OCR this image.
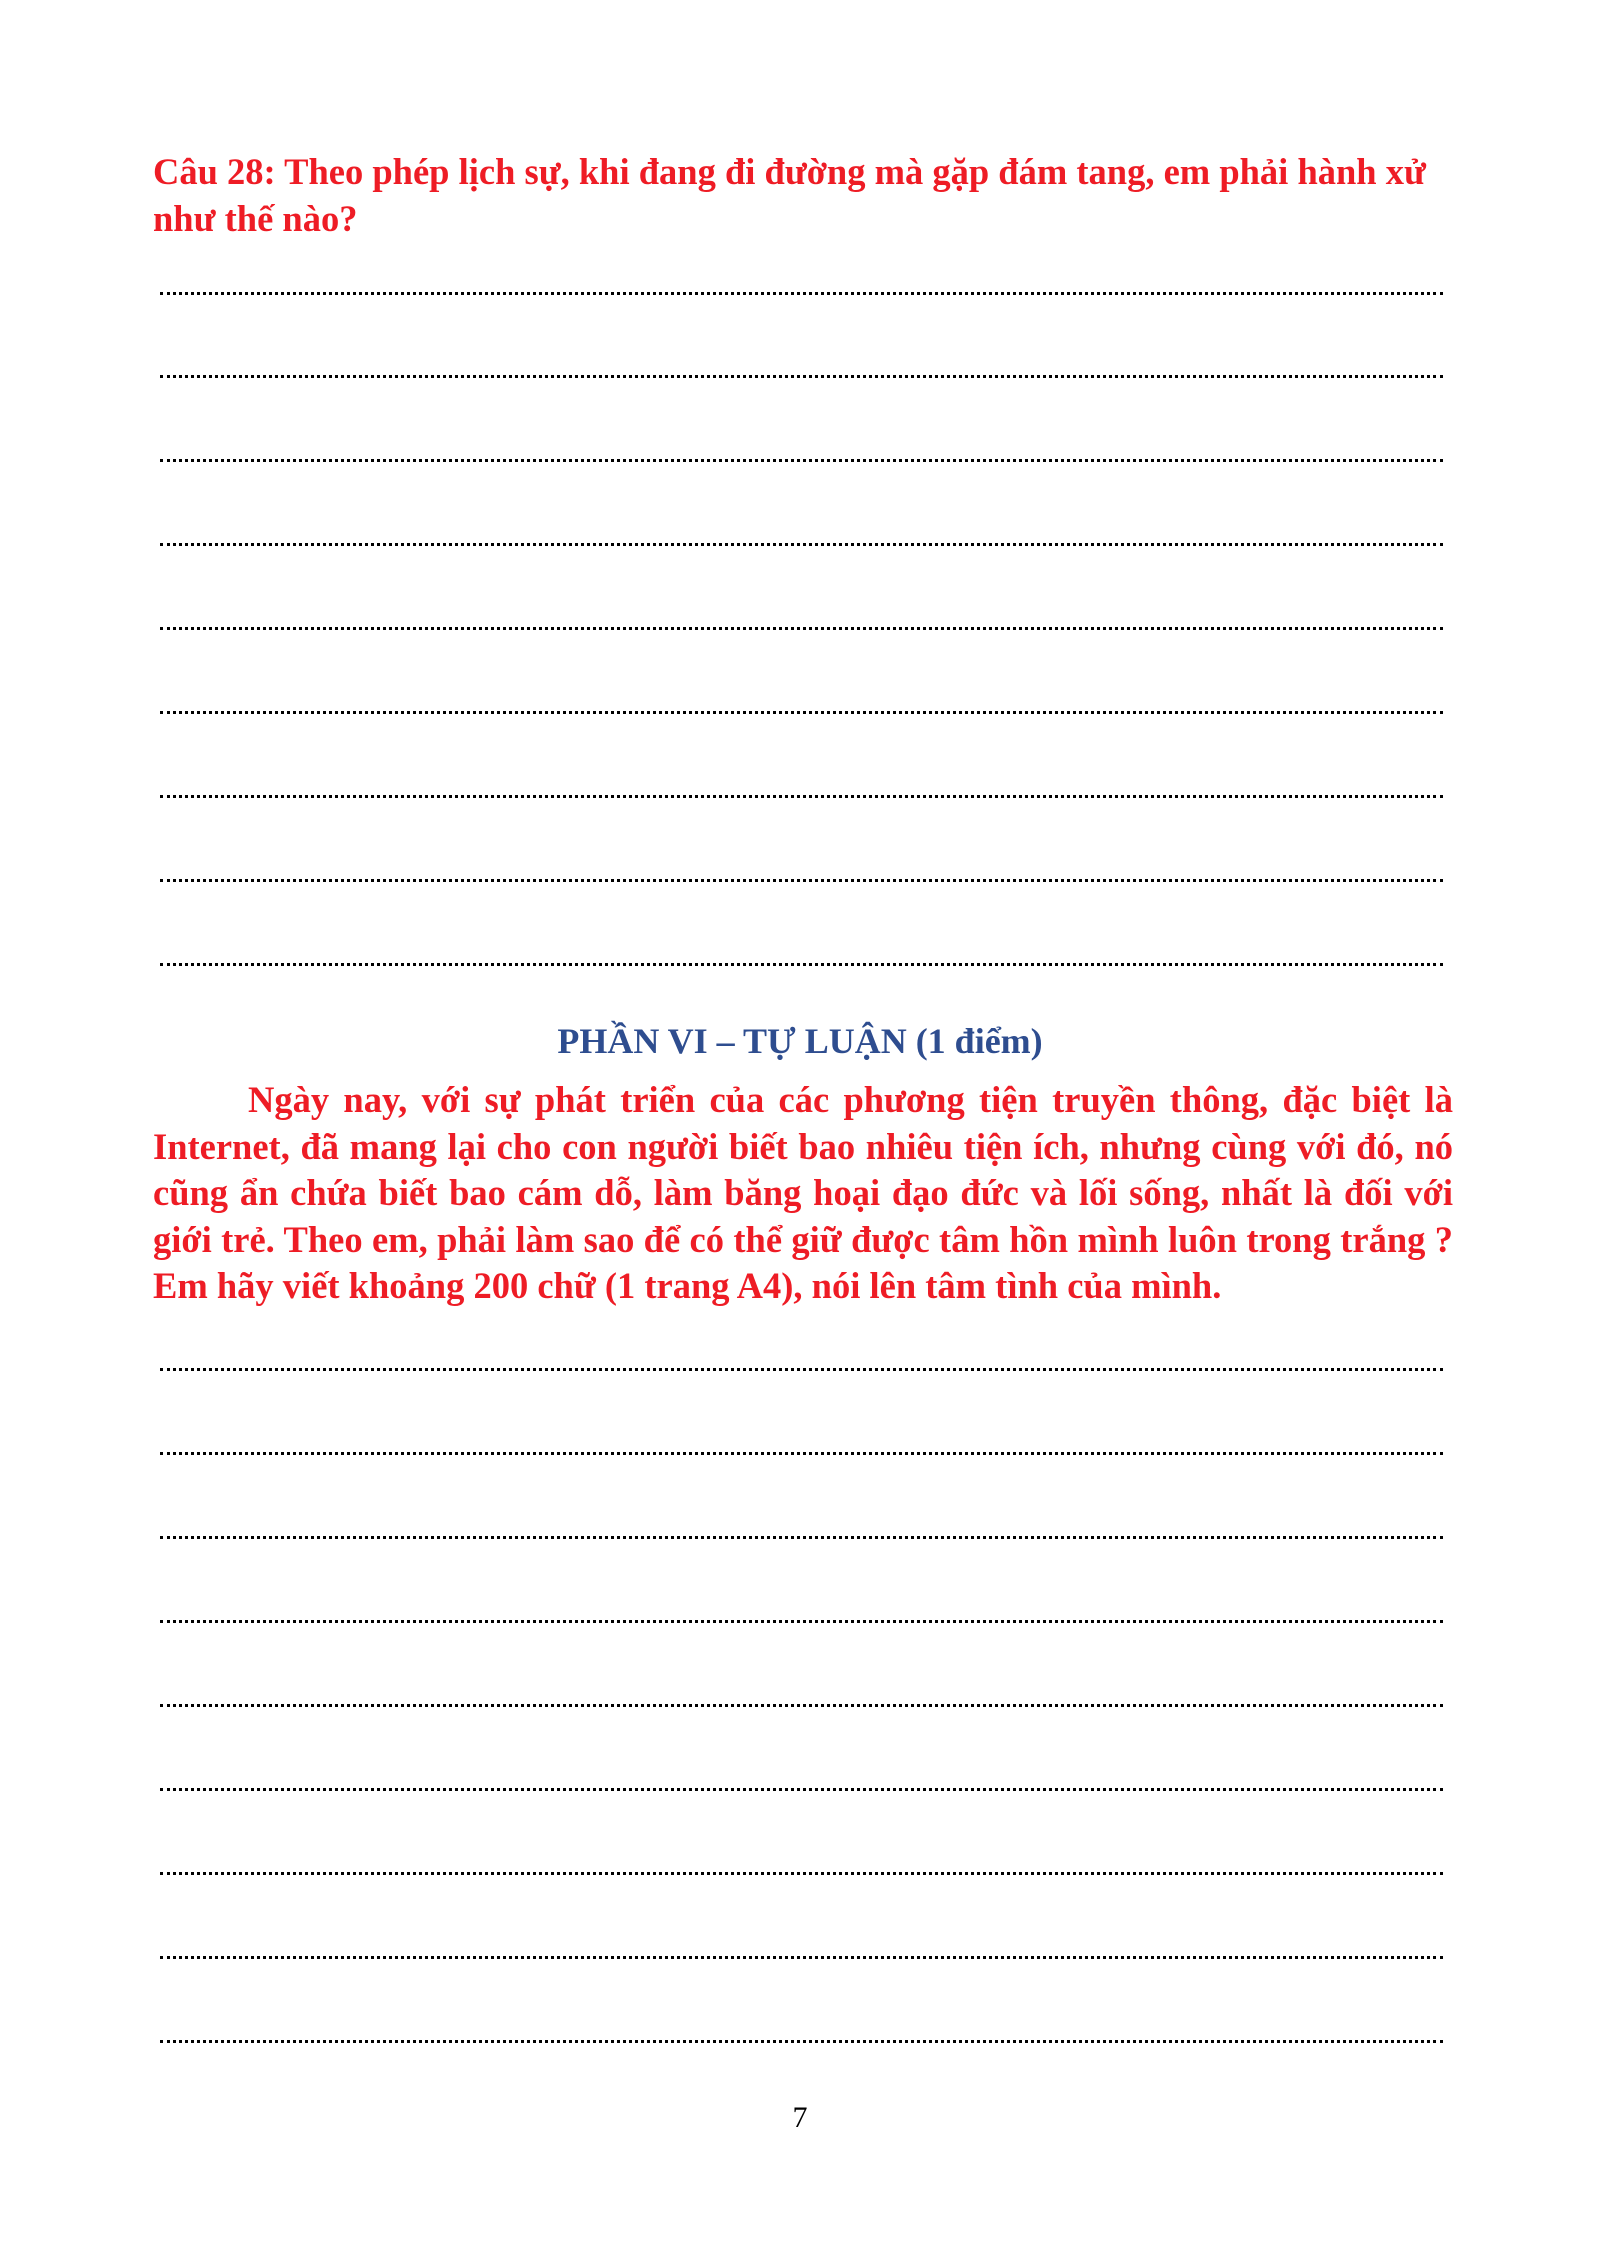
Câu 28: Theo phép lịch sự, khi đang đi đường mà gặp đám tang, em phải hành xử như thế nào?
PHẦN VI – TỰ LUẬN (1 điểm)
Ngày nay, với sự phát triển của các phương tiện truyền thông, đặc biệt là Internet, đã mang lại cho con người biết bao nhiêu tiện ích, nhưng cùng với đó, nó cũng ẩn chứa biết bao cám dỗ, làm băng hoại đạo đức và lối sống, nhất là đối với giới trẻ. Theo em, phải làm sao để có thể giữ được tâm hồn mình luôn trong trắng ? Em hãy viết khoảng 200 chữ (1 trang A4), nói lên tâm tình của mình.
7
